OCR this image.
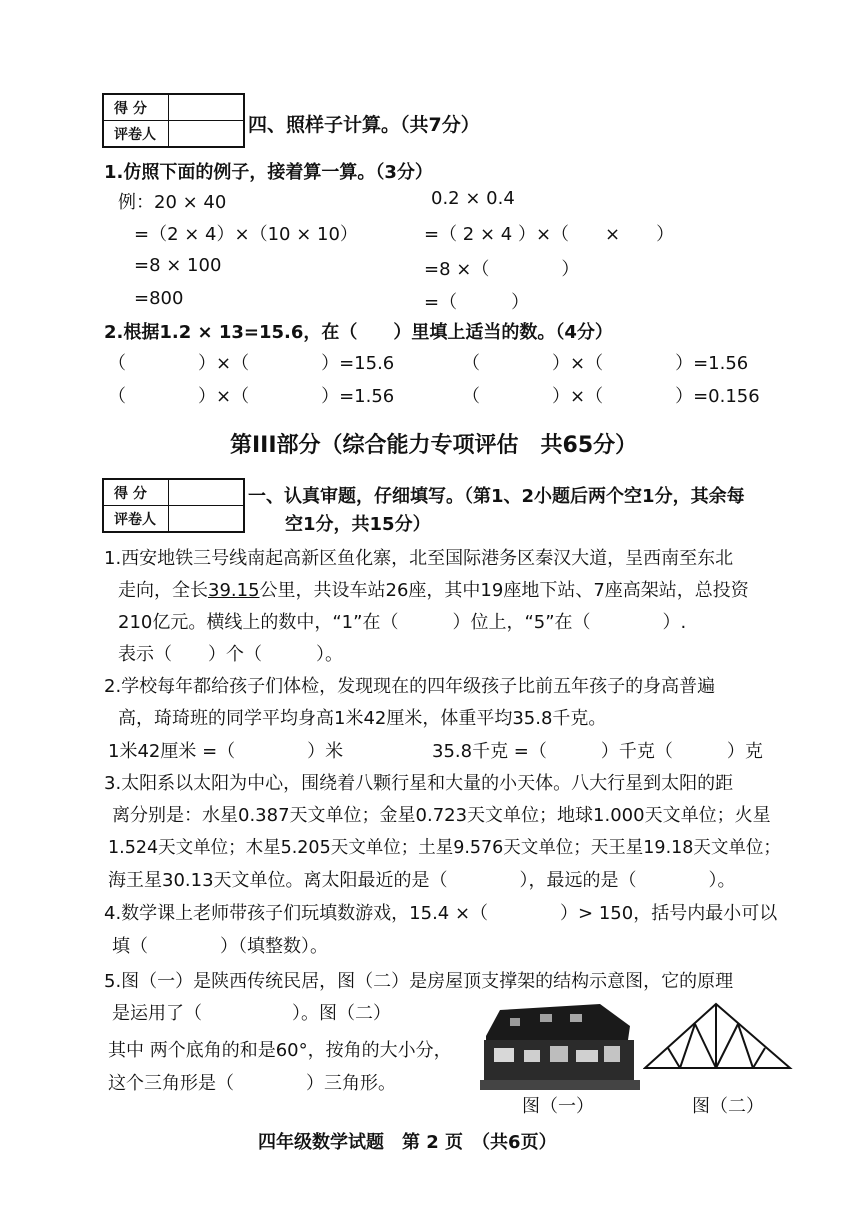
得 分	
评卷人		四、照样子计算。（共7分）
1.仿照下面的例子，接着算一算。（3分）
例：20 × 40
=（2 × 4）×（10 × 10）
=8 × 100
=800
0.2 × 0.4
=（ 2 × 4 ）×（　　×　　）
=8 ×（　　　　）
=（　　　）
2.根据1.2 × 13=15.6，在（　　）里填上适当的数。（4分）
（　　　　）×（　　　　）=15.6	（　　　　）×（　　　　）=1.56
（　　　　）×（　　　　）=1.56	（　　　　）×（　　　　）=0.156
第III部分（综合能力专项评估　共65分）
得 分	
评卷人	
一、认真审题，仔细填写。（第1、2小题后两个空1分，其余每
空1分，共15分）
1.西安地铁三号线南起高新区鱼化寨，北至国际港务区秦汉大道，呈西南至东北
走向，全长39.15公里，共设车站26座，其中19座地下站、7座高架站，总投资
210亿元。横线上的数中，“1”在（　　　）位上，“5”在（　　　　）.
表示（　　）个（　　　）。
2.学校每年都给孩子们体检，发现现在的四年级孩子比前五年孩子的身高普遍
高，琦琦班的同学平均身高1米42厘米，体重平均35.8千克。
1米42厘米 =（　　　　）米	35.8千克 =（　　　）千克（　　　）克
3.太阳系以太阳为中心，围绕着八颗行星和大量的小天体。八大行星到太阳的距
离分别是：水星0.387天文单位；金星0.723天文单位；地球1.000天文单位；火星
1.524天文单位；木星5.205天文单位；土星9.576天文单位；天王星19.18天文单位；
海王星30.13天文单位。离太阳最近的是（　　　　），最远的是（　　　　）。
4.数学课上老师带孩子们玩填数游戏，15.4 ×（　　　　）> 150，括号内最小可以
填（　　　　）（填整数）。
5.图（一）是陕西传统民居，图（二）是房屋顶支撑架的结构示意图，它的原理
是运用了（　　　　　）。图（二）
其中 两个底角的和是60°，按角的大小分，
这个三角形是（　　　　）三角形。
图（一）	图（二）
四年级数学试题　第 2 页　（共6页）
